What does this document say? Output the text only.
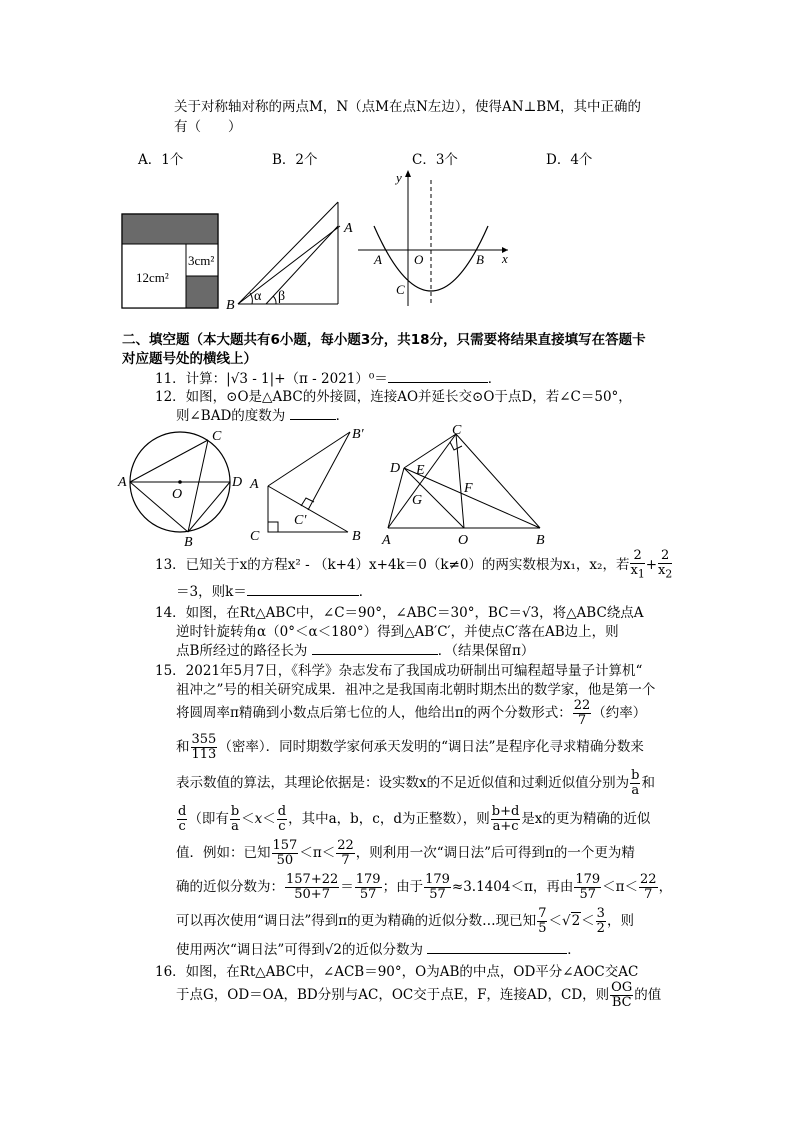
关于对称轴对称的两点M，N（点M在点N左边），使得AN⊥BM，其中正确的
有（　　）
A．1个	B．2个	C．3个	D．4个
3cm²
12cm²
B
α β
A
y
x
A O	B
C
二、填空题（本大题共有6小题，每小题3分，共18分，只需要将结果直接填写在答题卡
对应题号处的横线上）
11．计算：|√3 - 1|+（π - 2021）⁰＝	．
12．如图，⊙O是△ABC的外接圆，连接AO并延长交⊙O于点D，若∠C＝50°，
则∠BAD的度数为	．
A
O
D
C
B
A
B′
C′
C	B
C
D E
G
F
A	O	B
13．已知关于x的方程x² - （k+4）x+4k＝0（k≠0）的两实数根为x₁，x₂，若 $\frac{2}{x_1} + \frac{2}{x_2}$
＝3，则k＝	．
14．如图，在Rt△ABC中，∠C＝90°，∠ABC＝30°，BC＝√3，将△ABC绕点A
逆时针旋转角α（0°＜α＜180°）得到△AB′C′，并使点C′落在AB边上，则
点B所经过的路径长为	．（结果保留π）
15．2021年5月7日，《科学》杂志发布了我国成功研制出可编程超导量子计算机“
祖冲之”号的相关研究成果．祖冲之是我国南北朝时期杰出的数学家，他是第一个
将圆周率π精确到小数点后第七位的人，他给出π的两个分数形式： $\frac{22}{7}$ （约率）
和 $\frac{355}{113}$ （密率）．同时期数学家何承天发明的“调日法”是程序化寻求精确分数来
表示数值的算法，其理论依据是：设实数x的不足近似值和过剩近似值分别为 $\frac{b}{a}$ 和
$\frac{d}{c}$ （即有 $\frac{b}{a} <x< \frac{d}{c}$ ，其中a，b，c，d为正整数），则 $\frac{b+d}{a+c}$ 是x的更为精确的近似
值．例如：已知 $\frac{157}{50} <\pi< \frac{22}{7}$ ，则利用一次“调日法”后可得到π的一个更为精
确的近似分数为： $\frac{157+22}{50+7} = \frac{179}{57}$ ；由于 $\frac{179}{57} \approx 3.1404<\pi$，再由 $\frac{179}{57} <\pi< \frac{22}{7}$ ，
可以再次使用“调日法”得到π的更为精确的近似分数…现已知 $\frac{7}{5} <√2< \frac{3}{2}$ ，则
使用两次“调日法”可得到√2的近似分数为	．
16．如图，在Rt△ABC中，∠ACB＝90°，O为AB的中点，OD平分∠AOC交AC
于点G，OD＝OA，BD分别与AC，OC交于点E，F，连接AD，CD，则 $\frac{OG}{BC}$ 的值
